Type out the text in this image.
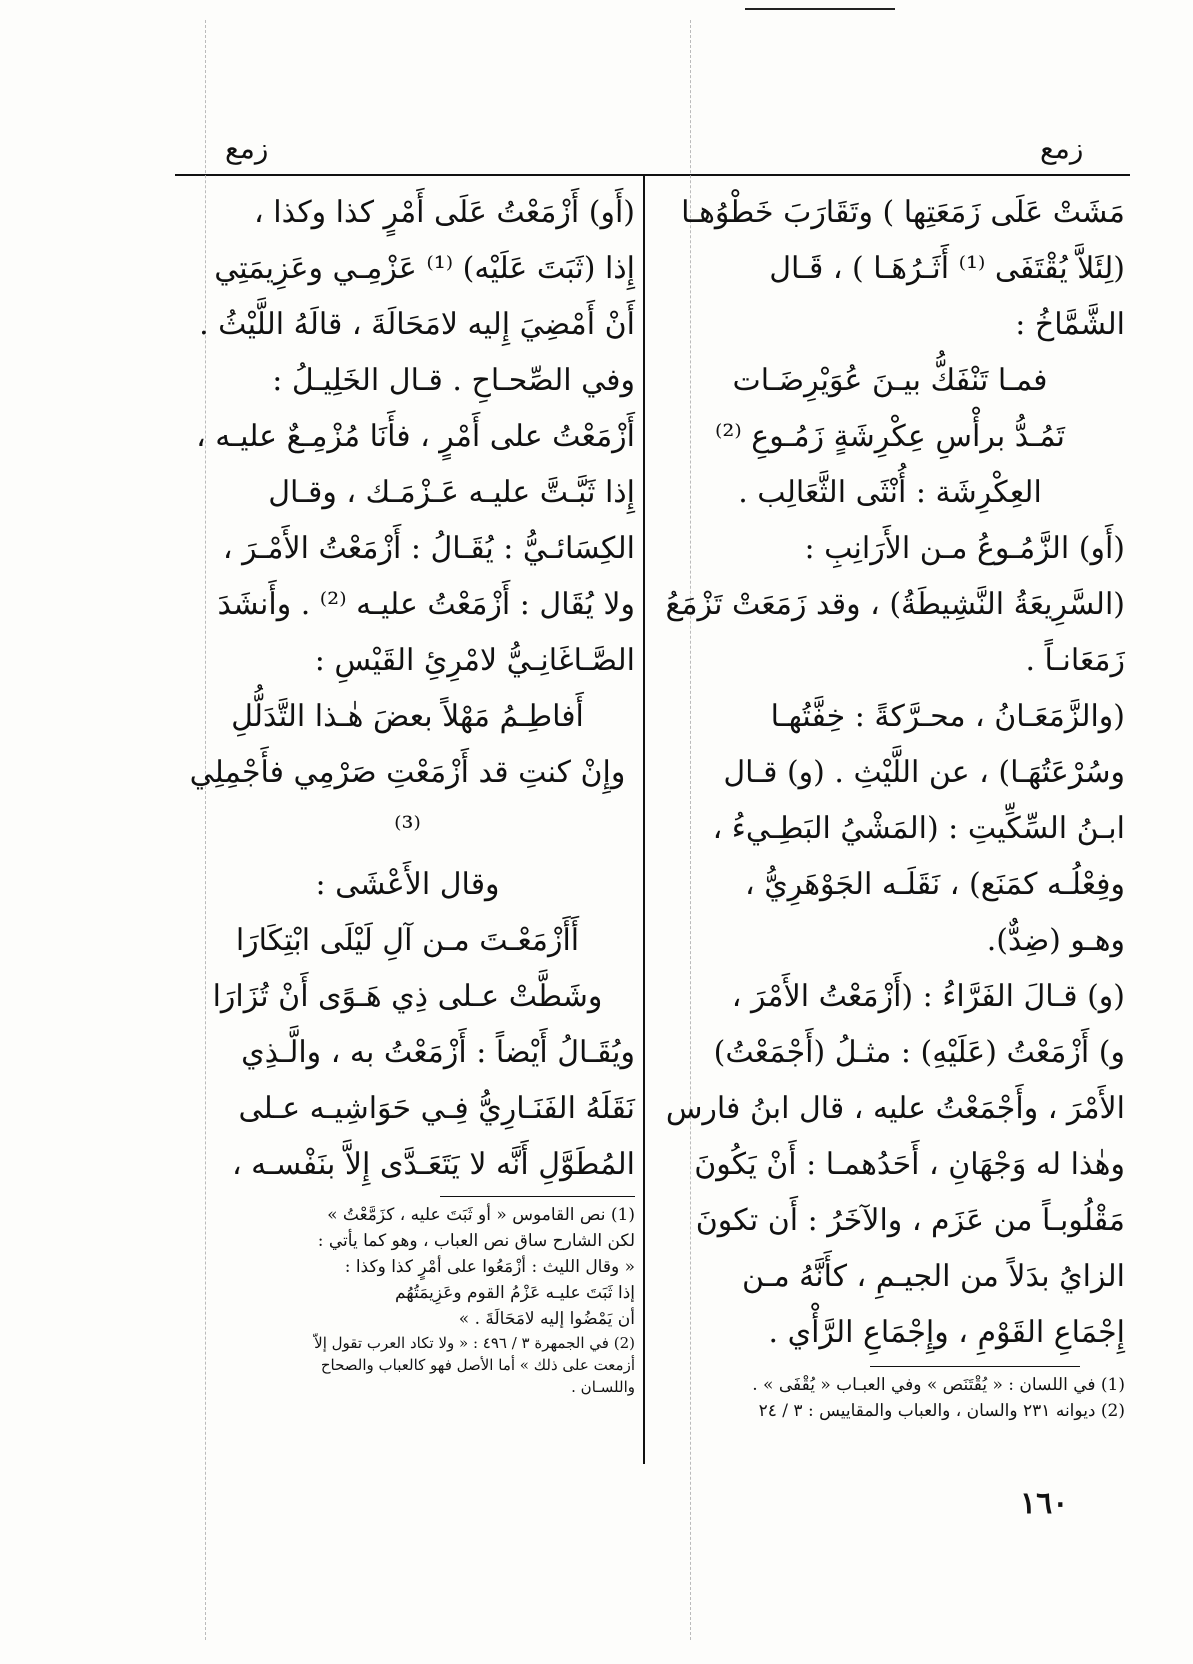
زمع
زمع

مَشَتْ عَلَى زَمَعَتِها ) وتَقَارَبَ خَطْوُهـا

(لِئَلاَّ يُقْتَفَى ⁽¹⁾ أَثَـرُهَـا ) ، قَـال

الشَّمَّاخُ :

فمـا تَنْفَكُّ بيـنَ عُوَيْرِضَـات

تَمُـدُّ برأْسِ عِكْرِشَةٍ زَمُـوعِ ⁽²⁾

العِكْرِشَة : أُنْثَى الثَّعَالِب .

(أَو) الزَّمُـوعُ مـن الأَرَانِبِ :

(السَّرِيعَةُ النَّشِيطَةُ) ، وقد زَمَعَتْ تَزْمَعُ

زَمَعَانـاً .

(والزَّمَعَـانُ ، محـرَّكةً : خِفَّتُهـا

وسُرْعَتُهَـا) ، عن اللَّيْثِ . (و) قـال

ابـنُ السِّكِّيتِ : (المَشْيُ البَطِـيءُ ،

وفِعْلُـه كمَنَع) ، نَقَلَـه الجَوْهَرِيُّ ،

وهـو (ضِدٌّ).

(و) قـالَ الفَرَّاءُ : (أَزْمَعْتُ الأَمْرَ ،

و) أَزْمَعْتُ (عَلَيْهِ) : مثـلُ (أَجْمَعْتُ)

الأَمْرَ ، وأَجْمَعْتُ عليه ، قال ابنُ فارس

وهٰذا له وَجْهَانِ ، أَحَدُهمـا : أَنْ يَكُونَ

مَقْلُوبـاً من عَزَم ، والآخَرُ : أَن تكونَ

الزايُ بدَلاً من الجيـمِ ، كأَنَّهُ مـن

إِجْمَاعِ القَوْمِ ، وإِجْمَاعِ الرَّأْي .

(1) في اللسان : « يُقْتَنَص » وفي العبـاب « يُقْفَى » .

(2) ديوانه ٢٣١ والسان ، والعباب والمقاييس : ٣ / ٢٤

(أَو) أَزْمَعْتُ عَلَى أَمْرٍ كذا وكذا ،

إِذا (ثَبَتَ عَلَيْه) ⁽¹⁾ عَزْمِـي وعَزِيمَتِي

أَنْ أَمْضِيَ إِليه لامَحَالَةَ ، قالَهُ اللَّيْثُ .

وفي الصِّحـاحِ . قـال الخَلِيـلُ :

أَزْمَعْتُ على أَمْرٍ ، فأَنَا مُزْمِـعٌ عليـه ،

إِذا ثَبَّـتَّ عليـه عَـزْمَـك ، وقـال

الكِسَائـيُّ : يُقَـالُ : أَزْمَعْتُ الأَمْـرَ ،

ولا يُقَال : أَزْمَعْتُ عليـه ⁽²⁾ . وأَنشَدَ

الصَّـاغَانِـيُّ لامْرِئِ القَيْسِ :

أَفاطِـمُ مَهْلاً بعضَ هٰـذا التَّدَلُّلِ

وإِنْ كنتِ قد أَزْمَعْتِ صَرْمِي فأَجْمِلِي ⁽³⁾

وقال الأَعْشَى :

أَأَزْمَعْـتَ مـن آلِ لَيْلَى ابْتِكَارَا

وشَطَّتْ عـلى ذِي هَـوًى أَنْ تُزَارَا

ويُقَـالُ أَيْضاً : أَزْمَعْتُ به ، والَّـذِي

نَقَلَهُ الفَنَـارِيُّ فِـي حَوَاشِيـه عـلى

المُطَوَّلِ أَنَّه لا يَتَعَـدَّى إِلاَّ بنَفْسـه ،

(1) نص القاموس « أو ثَبَتَ عليه ، كزَمَّعْتُ »

لكن الشارح ساق نص العباب ، وهو كما يأتي :

« وقال الليث : أزْمَعُوا على أمْرٍ كذا وكذا :

إذا ثَبَتَ عليـه عَزْمُ القوم وعَزِيمَتُهُم

أن يَمْضُوا إليه لامَحَالَةَ . »

(2) في الجمهرة ٣ / ٤٩٦ : « ولا تكاد العرب تقول إلاّ

أزمعت على ذلك » أما الأصل فهو كالعباب والصحاح

واللسـان .

١٦٠
